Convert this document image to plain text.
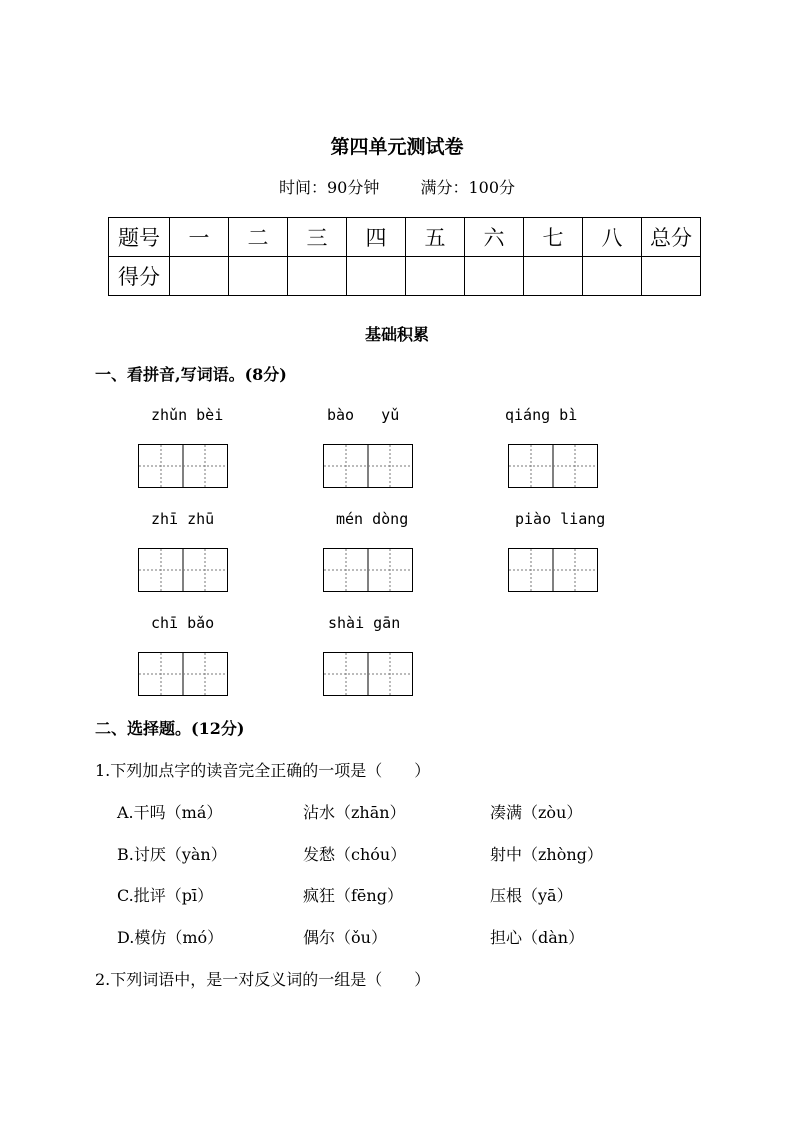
第四单元测试卷
时间：90分钟	满分：100分
题号	一	二	三	四	五	六	七	八	总分
得分									
基础积累
一、看拼音,写词语。(8分)
zhǔn bèi	bào   yǔ	qiáng bì
zhī zhū	mén dòng	piào liang
chī bǎo	shài gān
二、选择题。(12分)
1.下列加点字的读音完全正确的一项是（　　）
A.干吗（má）	沾水（zhān）	凑满（zòu）
B.讨厌（yàn）	发愁（chóu）	射中（zhòng）
C.批评（pī）	疯狂（fēng）	压根（yā）
D.模仿（mó）	偶尔（ǒu）	担心（dàn）
2.下列词语中，是一对反义词的一组是（　　）
